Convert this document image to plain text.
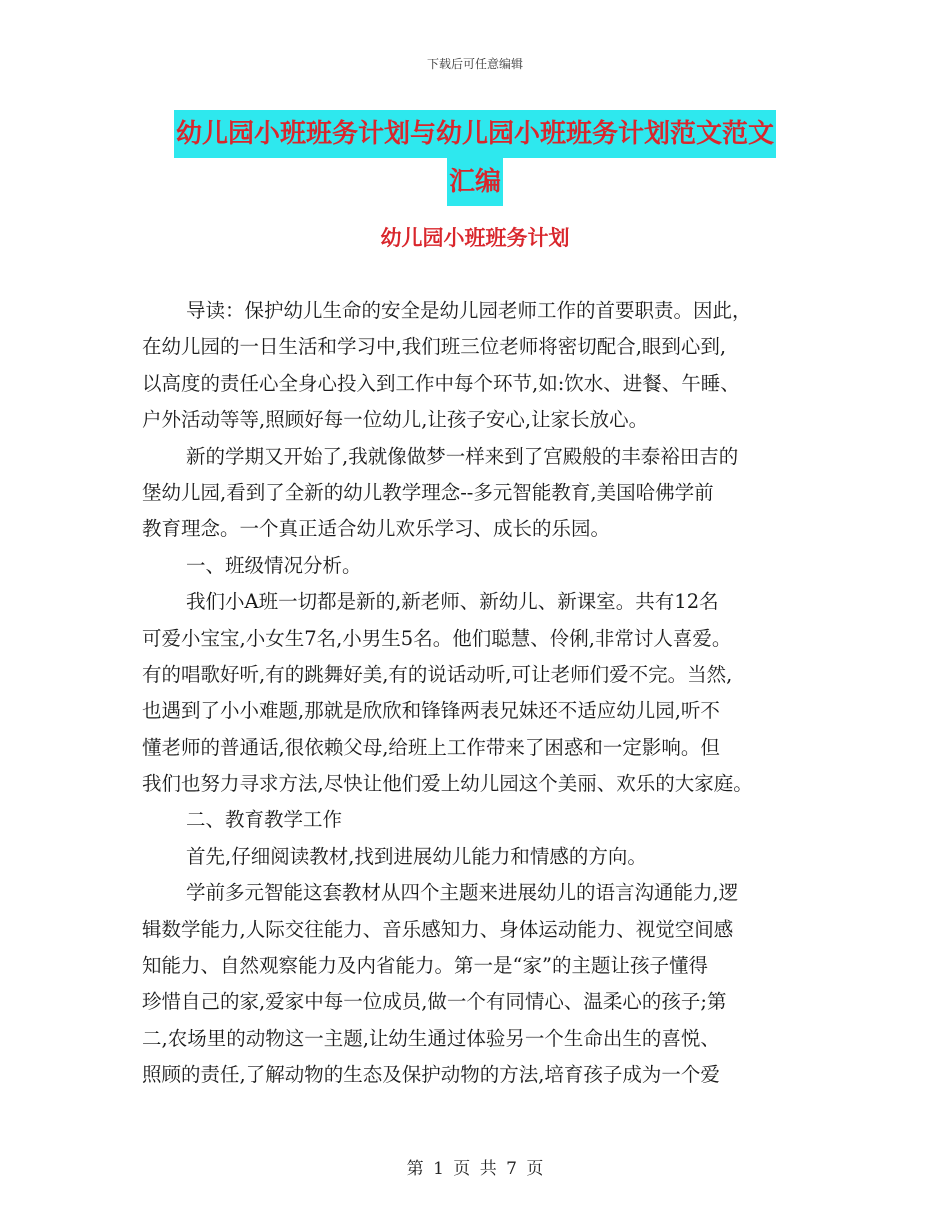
下载后可任意编辑
幼儿园小班班务计划与幼儿园小班班务计划范文范文
汇编
幼儿园小班班务计划
导读：保护幼儿生命的安全是幼儿园老师工作的首要职责。因此，
在幼儿园的一日生活和学习中,我们班三位老师将密切配合,眼到心到,
以高度的责任心全身心投入到工作中每个环节,如:饮水、进餐、午睡、
户外活动等等,照顾好每一位幼儿,让孩子安心,让家长放心。
新的学期又开始了,我就像做梦一样来到了宫殿般的丰泰裕田吉的
堡幼儿园,看到了全新的幼儿教学理念--多元智能教育,美国哈佛学前
教育理念。一个真正适合幼儿欢乐学习、成长的乐园。
一、班级情况分析。
我们小A班一切都是新的,新老师、新幼儿、新课室。共有12名
可爱小宝宝,小女生7名,小男生5名。他们聪慧、伶俐,非常讨人喜爱。
有的唱歌好听,有的跳舞好美,有的说话动听,可让老师们爱不完。当然,
也遇到了小小难题,那就是欣欣和锋锋两表兄妹还不适应幼儿园,听不
懂老师的普通话,很依赖父母,给班上工作带来了困惑和一定影响。但
我们也努力寻求方法,尽快让他们爱上幼儿园这个美丽、欢乐的大家庭。
二、教育教学工作
首先,仔细阅读教材,找到进展幼儿能力和情感的方向。
学前多元智能这套教材从四个主题来进展幼儿的语言沟通能力,逻
辑数学能力,人际交往能力、音乐感知力、身体运动能力、视觉空间感
知能力、自然观察能力及内省能力。第一是“家”的主题让孩子懂得
珍惜自己的家,爱家中每一位成员,做一个有同情心、温柔心的孩子;第
二,农场里的动物这一主题,让幼生通过体验另一个生命出生的喜悦、
照顾的责任,了解动物的生态及保护动物的方法,培育孩子成为一个爱
第 1 页 共 7 页
